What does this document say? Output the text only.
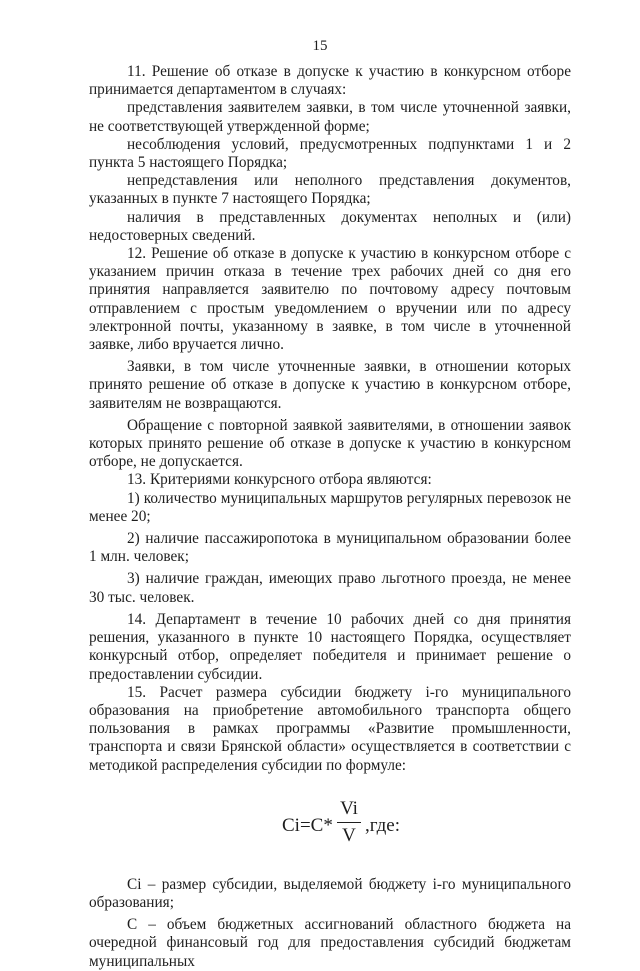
15

11. Решение об отказе в допуске к участию в конкурсном отборе принимается департаментом в случаях:

представления заявителем заявки, в том числе уточненной заявки, не соответствующей утвержденной форме;

несоблюдения условий, предусмотренных подпунктами 1 и 2 пункта 5 настоящего Порядка;

непредставления или неполного представления документов, указанных в пункте 7 настоящего Порядка;

наличия в представленных документах неполных и (или) недостоверных сведений.

12. Решение об отказе в допуске к участию в конкурсном отборе с указанием причин отказа в течение трех рабочих дней со дня его принятия направляется заявителю по почтовому адресу почтовым отправлением с простым уведомлением о вручении или по адресу электронной почты, указанному в заявке, в том числе в уточненной заявке, либо вручается лично.

Заявки, в том числе уточненные заявки, в отношении которых принято решение об отказе в допуске к участию в конкурсном отборе, заявителям не возвращаются.

Обращение с повторной заявкой заявителями, в отношении заявок которых принято решение об отказе в допуске к участию в конкурсном отборе, не допускается.

13. Критериями конкурсного отбора являются:

1) количество муниципальных маршрутов регулярных перевозок не менее 20;

2) наличие пассажиропотока в муниципальном образовании более 1 млн. человек;

3) наличие граждан, имеющих право льготного проезда, не менее 30 тыс. человек.

14. Департамент в течение 10 рабочих дней со дня принятия решения, указанного в пункте 10 настоящего Порядка, осуществляет конкурсный отбор, определяет победителя и принимает решение о предоставлении субсидии.

15. Расчет размера субсидии бюджету i-го муниципального образования на приобретение автомобильного транспорта общего пользования в рамках программы «Развитие промышленности, транспорта и связи Брянской области» осуществляется в соответствии с методикой распределения субсидии по формуле:

Ci=C*
Vi
V ,где:

Ci – размер субсидии, выделяемой бюджету i-го муниципального образования;

С – объем бюджетных ассигнований областного бюджета на очередной финансовый год для предоставления субсидий бюджетам муниципальных
